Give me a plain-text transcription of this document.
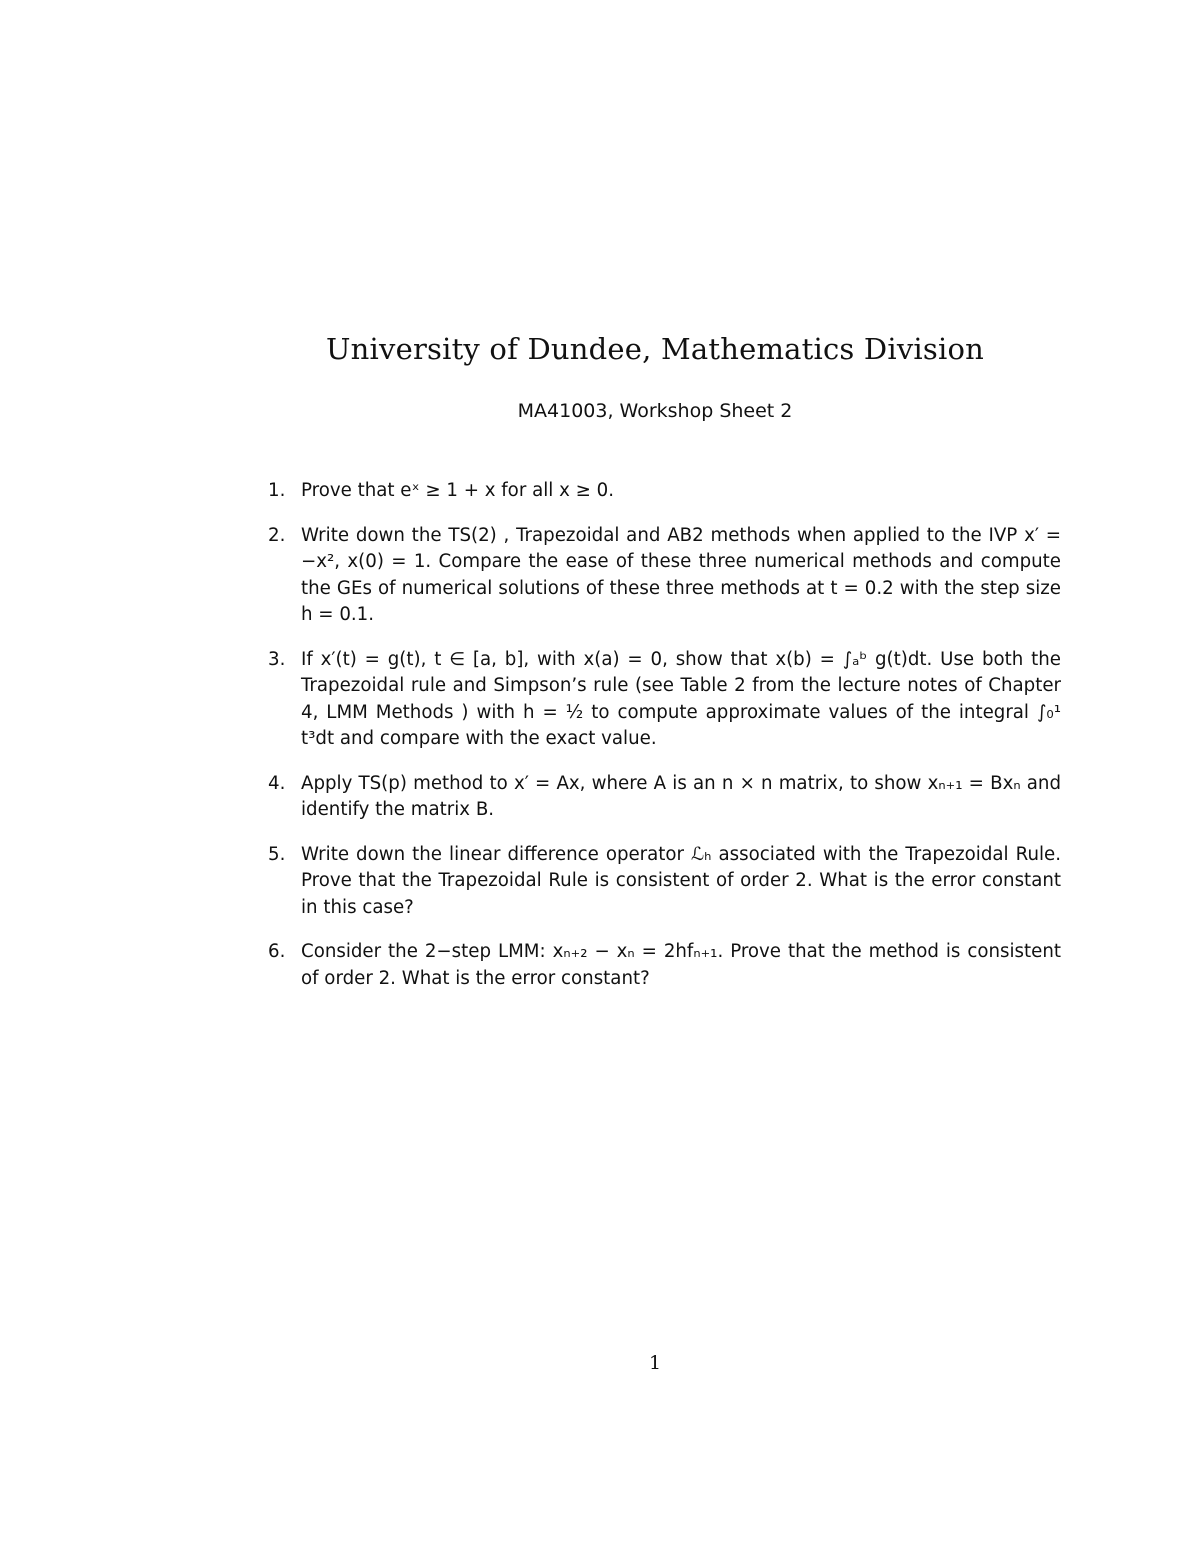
University of Dundee, Mathematics Division
MA41003, Workshop Sheet 2
1. Prove that eˣ ≥ 1 + x for all x ≥ 0.
2. Write down the TS(2) , Trapezoidal and AB2 methods when applied to the IVP x′ = −x², x(0) = 1. Compare the ease of these three numerical methods and compute the GEs of numerical solutions of these three methods at t = 0.2 with the step size h = 0.1.
3. If x′(t) = g(t), t ∈ [a, b], with x(a) = 0, show that x(b) = ∫ₐᵇ g(t)dt. Use both the Trapezoidal rule and Simpson’s rule (see Table 2 from the lecture notes of Chapter 4, LMM Methods ) with h = ½ to compute approximate values of the integral ∫₀¹ t³dt and compare with the exact value.
4. Apply TS(p) method to x′ = Ax, where A is an n × n matrix, to show xₙ₊₁ = Bxₙ and identify the matrix B.
5. Write down the linear difference operator ℒₕ associated with the Trapezoidal Rule. Prove that the Trapezoidal Rule is consistent of order 2. What is the error constant in this case?
6. Consider the 2−step LMM: xₙ₊₂ − xₙ = 2hfₙ₊₁. Prove that the method is consistent of order 2. What is the error constant?
1
